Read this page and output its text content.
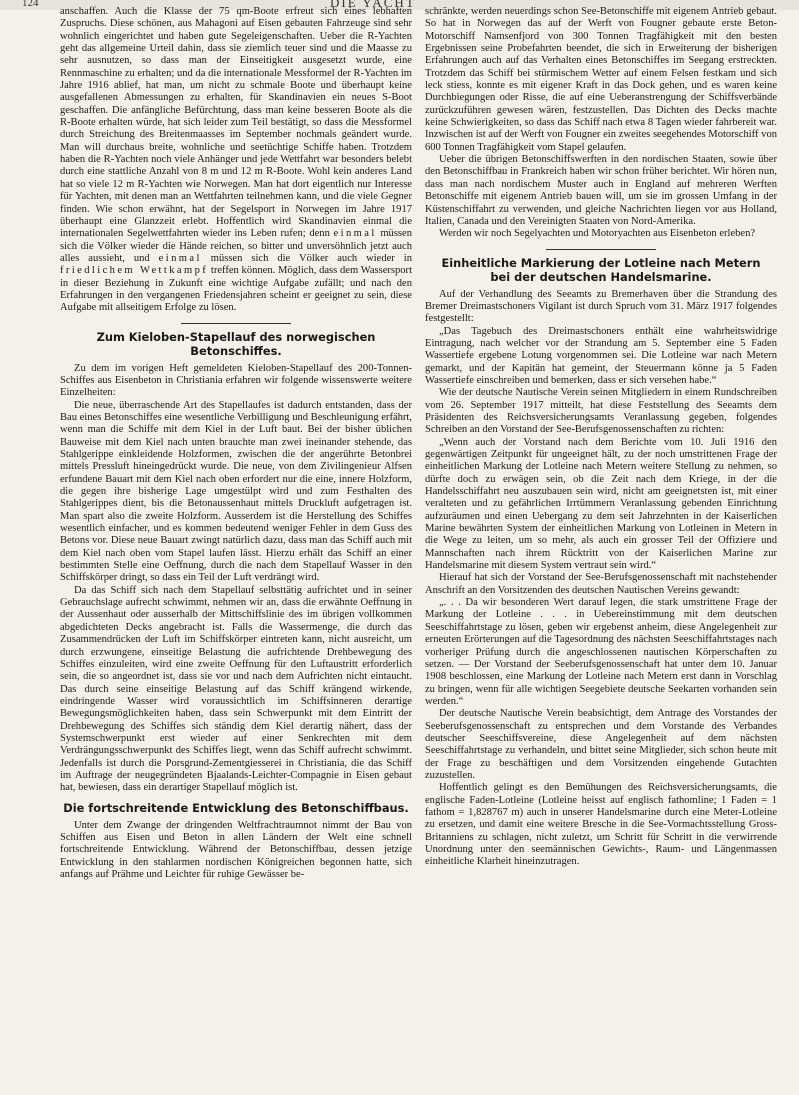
124	DIE YACHT

anschaffen. Auch die Klasse der 75 qm-Boote erfreut sich eines lebhaften Zuspruchs. Diese schönen, aus Mahagoni auf Eisen gebauten Fahrzeuge sind sehr wohnlich eingerichtet und haben gute Segeleigenschaften. Ueber die R-Yachten geht das allgemeine Urteil dahin, dass sie ziemlich teuer sind und die Maasse zu sehr ausnutzen, so dass man der Einseitigkeit ausgesetzt wurde, eine Rennmaschine zu erhalten; und da die internationale Messformel der R-Yachten im Jahre 1916 ablief, hat man, um nicht zu schmale Boote und überhaupt keine ausgefallenen Abmessungen zu erhalten, für Skandinavien ein neues S-Boot geschaffen. Die anfängliche Befürchtung, dass man keine besseren Boote als die R-Boote erhalten würde, hat sich leider zum Teil bestätigt, so dass die Messformel durch Streichung des Breitenmaasses im September nochmals geändert wurde. Man will durchaus breite, wohnliche und seetüchtige Schiffe haben. Trotzdem haben die R-Yachten noch viele Anhänger und jede Wettfahrt war besonders belebt durch eine stattliche Anzahl von 8 m und 12 m R-Boote. Wohl kein anderes Land hat so viele 12 m R-Yachten wie Norwegen. Man hat dort eigentlich nur Interesse für Yachten, mit denen man an Wettfahrten teilnehmen kann, und die viele Gegner finden. Wie schon erwähnt, hat der Segelsport in Norwegen im Jahre 1917 überhaupt eine Glanzzeit erlebt. Hoffentlich wird Skandinavien einmal die internationalen Segelwettfahrten wieder ins Leben rufen; denn einmal müssen sich die Völker wieder die Hände reichen, so bitter und unversöhnlich jetzt auch alles aussieht, und einmal müssen sich die Völker auch wieder in friedlichem Wettkampf treffen können. Möglich, dass dem Wassersport in dieser Beziehung in Zukunft eine wichtige Aufgabe zufällt; und nach den Erfahrungen in den vergangenen Friedensjahren scheint er geeignet zu sein, diese Aufgabe mit allseitigem Erfolge zu lösen.

Zum Kieloben-Stapellauf des norwegischen Betonschiffes.

Zu dem im vorigen Heft gemeldeten Kieloben-Stapellauf des 200-Tonnen-Schiffes aus Eisenbeton in Christiania erfahren wir folgende wissenswerte weitere Einzelheiten:

Die neue, überraschende Art des Stapellaufes ist dadurch entstanden, dass der Bau eines Betonschiffes eine wesentliche Verbilligung und Beschleunigung erfährt, wenn man die Schiffe mit dem Kiel in der Luft baut. Bei der bisher üblichen Bauweise mit dem Kiel nach unten brauchte man zwei ineinander stehende, das Stahlgerippe einkleidende Holzformen, zwischen die der angerührte Betonbrei mittels Pressluft hineingedrückt wurde. Die neue, von dem Zivilingenieur Alfsen erfundene Bauart mit dem Kiel nach oben erfordert nur die eine, innere Holzform, die gegen ihre bisherige Lage umgestülpt wird und zum Festhalten des Stahlgerippes dient, bis die Betonaussenhaut mittels Druckluft aufgetragen ist. Man spart also die zweite Holzform. Ausserdem ist die Herstellung des Schiffes wesentlich einfacher, und es kommen bedeutend weniger Fehler in dem Guss des Betons vor. Diese neue Bauart zwingt natürlich dazu, dass man das Schiff auch mit dem Kiel nach oben vom Stapel laufen lässt. Hierzu erhält das Schiff an einer bestimmten Stelle eine Oeffnung, durch die nach dem Stapellauf Wasser in den Schiffskörper dringt, so dass ein Teil der Luft verdrängt wird.

Da das Schiff sich nach dem Stapellauf selbsttätig aufrichtet und in seiner Gebrauchslage aufrecht schwimmt, nehmen wir an, dass die erwähnte Oeffnung in der Aussenhaut oder ausserhalb der Mittschiffslinie des im übrigen vollkommen abgedichteten Decks angebracht ist. Falls die Wassermenge, die durch das Zusammendrücken der Luft im Schiffskörper eintreten kann, nicht ausreicht, um durch erzwungene, einseitige Belastung die aufrichtende Drehbewegung des Schiffes einzuleiten, wird eine zweite Oeffnung für den Luftaustritt erforderlich sein, die so angeordnet ist, dass sie vor und nach dem Aufrichten nicht eintaucht. Das durch seine einseitige Belastung auf das Schiff krängend wirkende, eindringende Wasser wird voraussichtlich im Schiffsinneren derartige Bewegungsmöglichkeiten haben, dass sein Schwerpunkt mit dem Eintritt der Drehbewegung des Schiffes sich ständig dem Kiel derartig nähert, dass der Systemschwerpunkt erst wieder auf einer Senkrechten mit dem Verdrängungsschwerpunkt des Schiffes liegt, wenn das Schiff aufrecht schwimmt. Jedenfalls ist durch die Porsgrund-Zementgiesserei in Christiania, die das Schiff im Auftrage der neugegründeten Bjaalands-Leichter-Compagnie in Eisen gebaut hat, bewiesen, dass ein derartiger Stapellauf möglich ist.

Die fortschreitende Entwicklung des Betonschiffbaus.

Unter dem Zwange der dringenden Weltfrachtraumnot nimmt der Bau von Schiffen aus Eisen und Beton in allen Ländern der Welt eine schnell fortschreitende Entwicklung. Während der Betonschiffbau, dessen jetzige Entwicklung in den stahlarmen nordischen Königreichen begonnen hatte, sich anfangs auf Prähme und Leichter für ruhige Gewässer be-

schränkte, werden neuerdings schon See-Betonschiffe mit eigenem Antrieb gebaut. So hat in Norwegen das auf der Werft von Fougner gebaute erste Beton-Motorschiff Namsenfjord von 300 Tonnen Tragfähigkeit mit den besten Ergebnissen seine Probefahrten beendet, die sich in Erweiterung der bisherigen Erfahrungen auch auf das Verhalten eines Betonschiffes im Seegang erstreckten. Trotzdem das Schiff bei stürmischem Wetter auf einem Felsen festkam und sich leck stiess, konnte es mit eigener Kraft in das Dock gehen, und es waren keine Durchbiegungen oder Risse, die auf eine Ueberanstrengung der Schiffsverbände zurückzuführen gewesen wären, festzustellen. Das Dichten des Decks machte keine Schwierigkeiten, so dass das Schiff nach etwa 8 Tagen wieder fahrbereit war. Inzwischen ist auf der Werft von Fougner ein zweites seegehendes Motorschiff von 600 Tonnen Tragfähigkeit vom Stapel gelaufen.

Ueber die übrigen Betonschiffswerften in den nordischen Staaten, sowie über den Betonschiffbau in Frankreich haben wir schon früher berichtet. Wir hören nun, dass man nach nordischem Muster auch in England auf mehreren Werften Betonschiffe mit eigenem Antrieb bauen will, um sie im grossen Umfang in der Küstenschiffahrt zu verwenden, und gleiche Nachrichten liegen vor aus Holland, Italien, Canada und den Vereinigten Staaten von Nord-Amerika.

Werden wir noch Segelyachten und Motoryachten aus Eisenbeton erleben?

Einheitliche Markierung der Lotleine nach Metern
bei der deutschen Handelsmarine.

Auf der Verhandlung des Seeamts zu Bremerhaven über die Strandung des Bremer Dreimastschoners Vigilant ist durch Spruch vom 31. März 1917 folgendes festgestellt:

„Das Tagebuch des Dreimastschoners enthält eine wahrheitswidrige Eintragung, nach welcher vor der Strandung am 5. September eine 5 Faden Wassertiefe ergebene Lotung vorgenommen sei. Die Lotleine war nach Metern gemarkt, und der Kapitän hat gemeint, der Steuermann könne ja 5 Faden Wassertiefe einschreiben und bemerken, dass er sich versehen habe.“

Wie der deutsche Nautische Verein seinen Mitgliedern in einem Rundschreiben vom 26. September 1917 mitteilt, hat diese Feststellung des Seeamts dem Präsidenten des Reichsversicherungsamts Veranlassung gegeben, folgendes Schreiben an den Vorstand der See-Berufsgenossenschaften zu richten:

„Wenn auch der Vorstand nach dem Berichte vom 10. Juli 1916 den gegenwärtigen Zeitpunkt für ungeeignet hält, zu der noch umstrittenen Frage der einheitlichen Markung der Lotleine nach Metern weitere Stellung zu nehmen, so dürfte doch zu erwägen sein, ob die Zeit nach dem Kriege, in der die Handelsschiffahrt neu auszubauen sein wird, nicht am geeignetsten ist, mit einer veralteten und zu gefährlichen Irrtümmern Veranlassung gebenden Einrichtung aufzuräumen und einen Uebergang zu dem seit Jahrzehnten in der Kaiserlichen Marine bewährten System der einheitlichen Markung von Lotleinen in Metern in die Wege zu leiten, um so mehr, als auch ein grosser Teil der Offiziere und Mannschaften nach ihrem Rücktritt von der Kaiserlichen Marine zur Handelsmarine mit diesem System vertraut sein wird.“

Hierauf hat sich der Vorstand der See-Berufsgenossenschaft mit nachstehender Anschrift an den Vorsitzenden des deutschen Nautischen Vereins gewandt:

„. . . Da wir besonderen Wert darauf legen, die stark umstrittene Frage der Markung der Lotleine . . . in Uebereinstimmung mit dem deutschen Seeschiffahrtstage zu lösen, geben wir ergebenst anheim, diese Angelegenheit zur erneuten Erörterungen auf die Tagesordnung des nächsten Seeschiffahrtstages nach vorheriger Prüfung durch die angeschlossenen nautischen Körperschaften zu setzen. — Der Vorstand der Seeberufsgenossenschaft hat unter dem 10. Januar 1908 beschlossen, eine Markung der Lotleine nach Metern erst dann in Vorschlag zu bringen, wenn für alle wichtigen Seegebiete deutsche Seekarten vorhanden sein werden.“

Der deutsche Nautische Verein beabsichtigt, dem Antrage des Vorstandes der Seeberufsgenossenschaft zu entsprechen und dem Vorstande des Verbandes deutscher Seeschiffsvereine, diese Angelegenheit auf dem nächsten Seeschiffahrtstage zu verhandeln, und bittet seine Mitglieder, sich schon heute mit der Frage zu beschäftigen und dem Vorsitzenden eingehende Gutachten zuzustellen.

Hoffentlich gelingt es den Bemühungen des Reichsversicherungsamts, die englische Faden-Lotleine (Lotleine heisst auf englisch fathomline; 1 Faden = 1 fathom = 1,828767 m) auch in unserer Handelsmarine durch eine Meter-Lotleine zu ersetzen, und damit eine weitere Bresche in die See-Vormachtsstellung Gross-Britanniens zu schlagen, nicht zuletzt, um Schritt für Schritt in die verwirrende Unordnung unter den seemännischen Gewichts-, Raum- und Längenmassen einheitliche Klarheit hineinzutragen.
